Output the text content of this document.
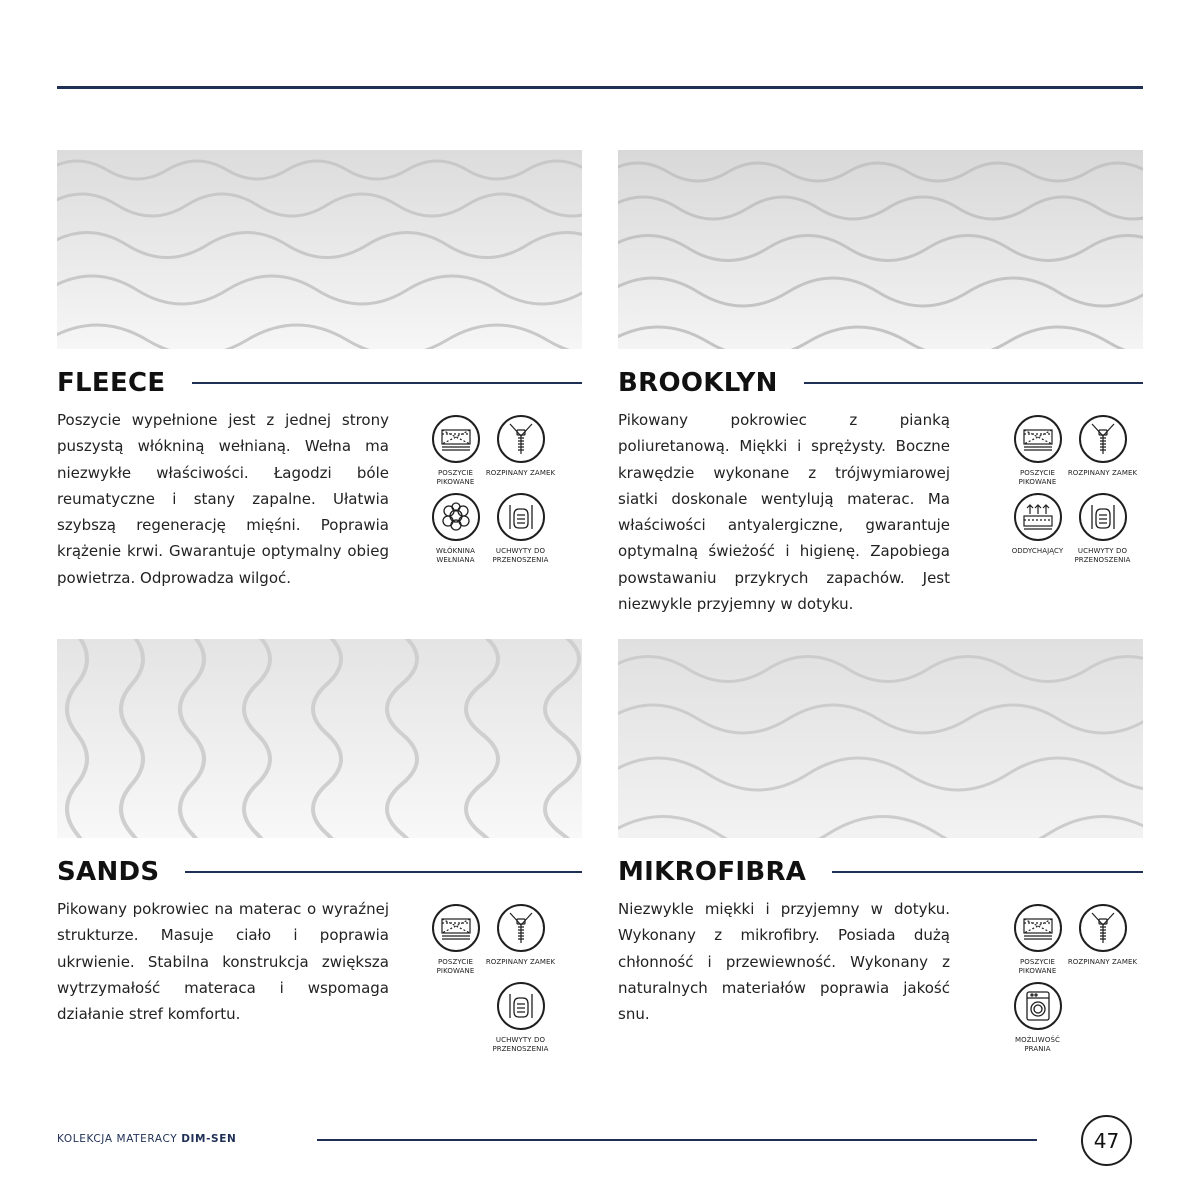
FLEECE

Poszycie wypełnione jest z jednej strony puszystą włókniną wełnianą. Wełna ma niezwykłe właściwości. Łagodzi bóle reumatyczne i stany zapalne. Ułatwia szybszą regenerację mięśni. Poprawia krążenie krwi. Gwarantuje optymalny obieg powietrza. Odprowadza wilgoć.

POSZYCIE PIKOWANE
ROZPINANY ZAMEK
WŁÓKNINA WEŁNIANA
UCHWYTY DO PRZENOSZENIA
BROOKLYN

Pikowany pokrowiec z pianką poliuretanową. Miękki i sprężysty. Boczne krawędzie wykonane z trójwymiarowej siatki doskonale wentylują materac. Ma właściwości antyalergiczne, gwarantuje optymalną świeżość i higienę. Zapobiega powstawaniu przykrych zapachów. Jest niezwykle przyjemny w dotyku.

POSZYCIE PIKOWANE
ROZPINANY ZAMEK
ODDYCHAJĄCY	UCHWYTY DO PRZENOSZENIA
SANDS

Pikowany pokrowiec na materac o wyraźnej strukturze. Masuje ciało i poprawia ukrwienie. Stabilna konstrukcja zwiększa wytrzymałość materaca i wspomaga działanie stref komfortu.

POSZYCIE PIKOWANE
ROZPINANY ZAMEK
UCHWYTY DO PRZENOSZENIA
MIKROFIBRA

Niezwykle miękki i przyjemny w dotyku. Wykonany z mikrofibry. Posiada dużą chłonność i przewiewność. Wykonany z naturalnych materiałów poprawia jakość snu.

POSZYCIE PIKOWANE
ROZPINANY ZAMEK
MOŻLIWOŚĆ PRANIA
KOLEKCJA MATERACY DIM-SEN	47
